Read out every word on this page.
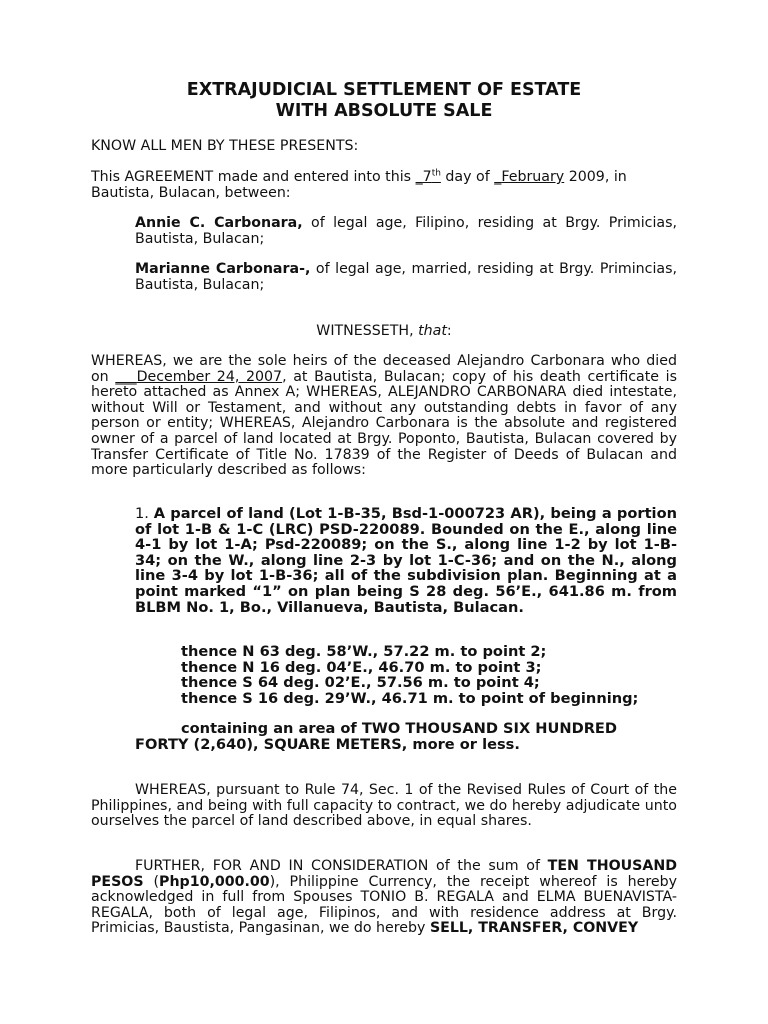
EXTRAJUDICIAL SETTLEMENT OF ESTATE
WITH ABSOLUTE SALE
KNOW ALL MEN BY THESE PRESENTS:
This AGREEMENT made and entered into this _7th day of _February 2009, in Bautista, Bulacan, between:
Annie C. Carbonara, of legal age, Filipino, residing at Brgy. Primicias, Bautista, Bulacan;
Marianne Carbonara-, of legal age, married, residing at Brgy. Primincias, Bautista, Bulacan;
WITNESSETH, that:
WHEREAS, we are the sole heirs of the deceased Alejandro Carbonara who died on ___December 24, 2007, at Bautista, Bulacan; copy of his death certificate is hereto attached as Annex A; WHEREAS, ALEJANDRO CARBONARA died intestate, without Will or Testament, and without any outstanding debts in favor of any person or entity; WHEREAS, Alejandro Carbonara is the absolute and registered owner of a parcel of land located at Brgy. Poponto, Bautista, Bulacan covered by Transfer Certificate of Title No. 17839 of the Register of Deeds of Bulacan and more particularly described as follows:
1. A parcel of land (Lot 1-B-35, Bsd-1-000723 AR), being a portion of lot 1-B & 1-C (LRC) PSD-220089. Bounded on the E., along line 4-1 by lot 1-A; Psd-220089; on the S., along line 1-2 by lot 1-B-34; on the W., along line 2-3 by lot 1-C-36; and on the N., along line 3-4 by lot 1-B-36; all of the subdivision plan. Beginning at a point marked “1” on plan being S 28 deg. 56’E., 641.86 m. from BLBM No. 1, Bo., Villanueva, Bautista, Bulacan.
thence N 63 deg. 58’W., 57.22 m. to point 2;
thence N 16 deg. 04’E., 46.70 m. to point 3;
thence S 64 deg. 02’E., 57.56 m. to point 4;
thence S 16 deg. 29’W., 46.71 m. to point of beginning;
containing an area of TWO THOUSAND SIX HUNDRED
FORTY (2,640), SQUARE METERS, more or less.
WHEREAS, pursuant to Rule 74, Sec. 1 of the Revised Rules of Court of the Philippines, and being with full capacity to contract, we do hereby adjudicate unto ourselves the parcel of land described above, in equal shares.
FURTHER, FOR AND IN CONSIDERATION of the sum of TEN THOUSAND PESOS (Php10,000.00), Philippine Currency, the receipt whereof is hereby acknowledged in full from Spouses TONIO B. REGALA and ELMA BUENAVISTA-REGALA, both of legal age, Filipinos, and with residence address at Brgy. Primicias, Baustista, Pangasinan, we do hereby SELL, TRANSFER, CONVEY
